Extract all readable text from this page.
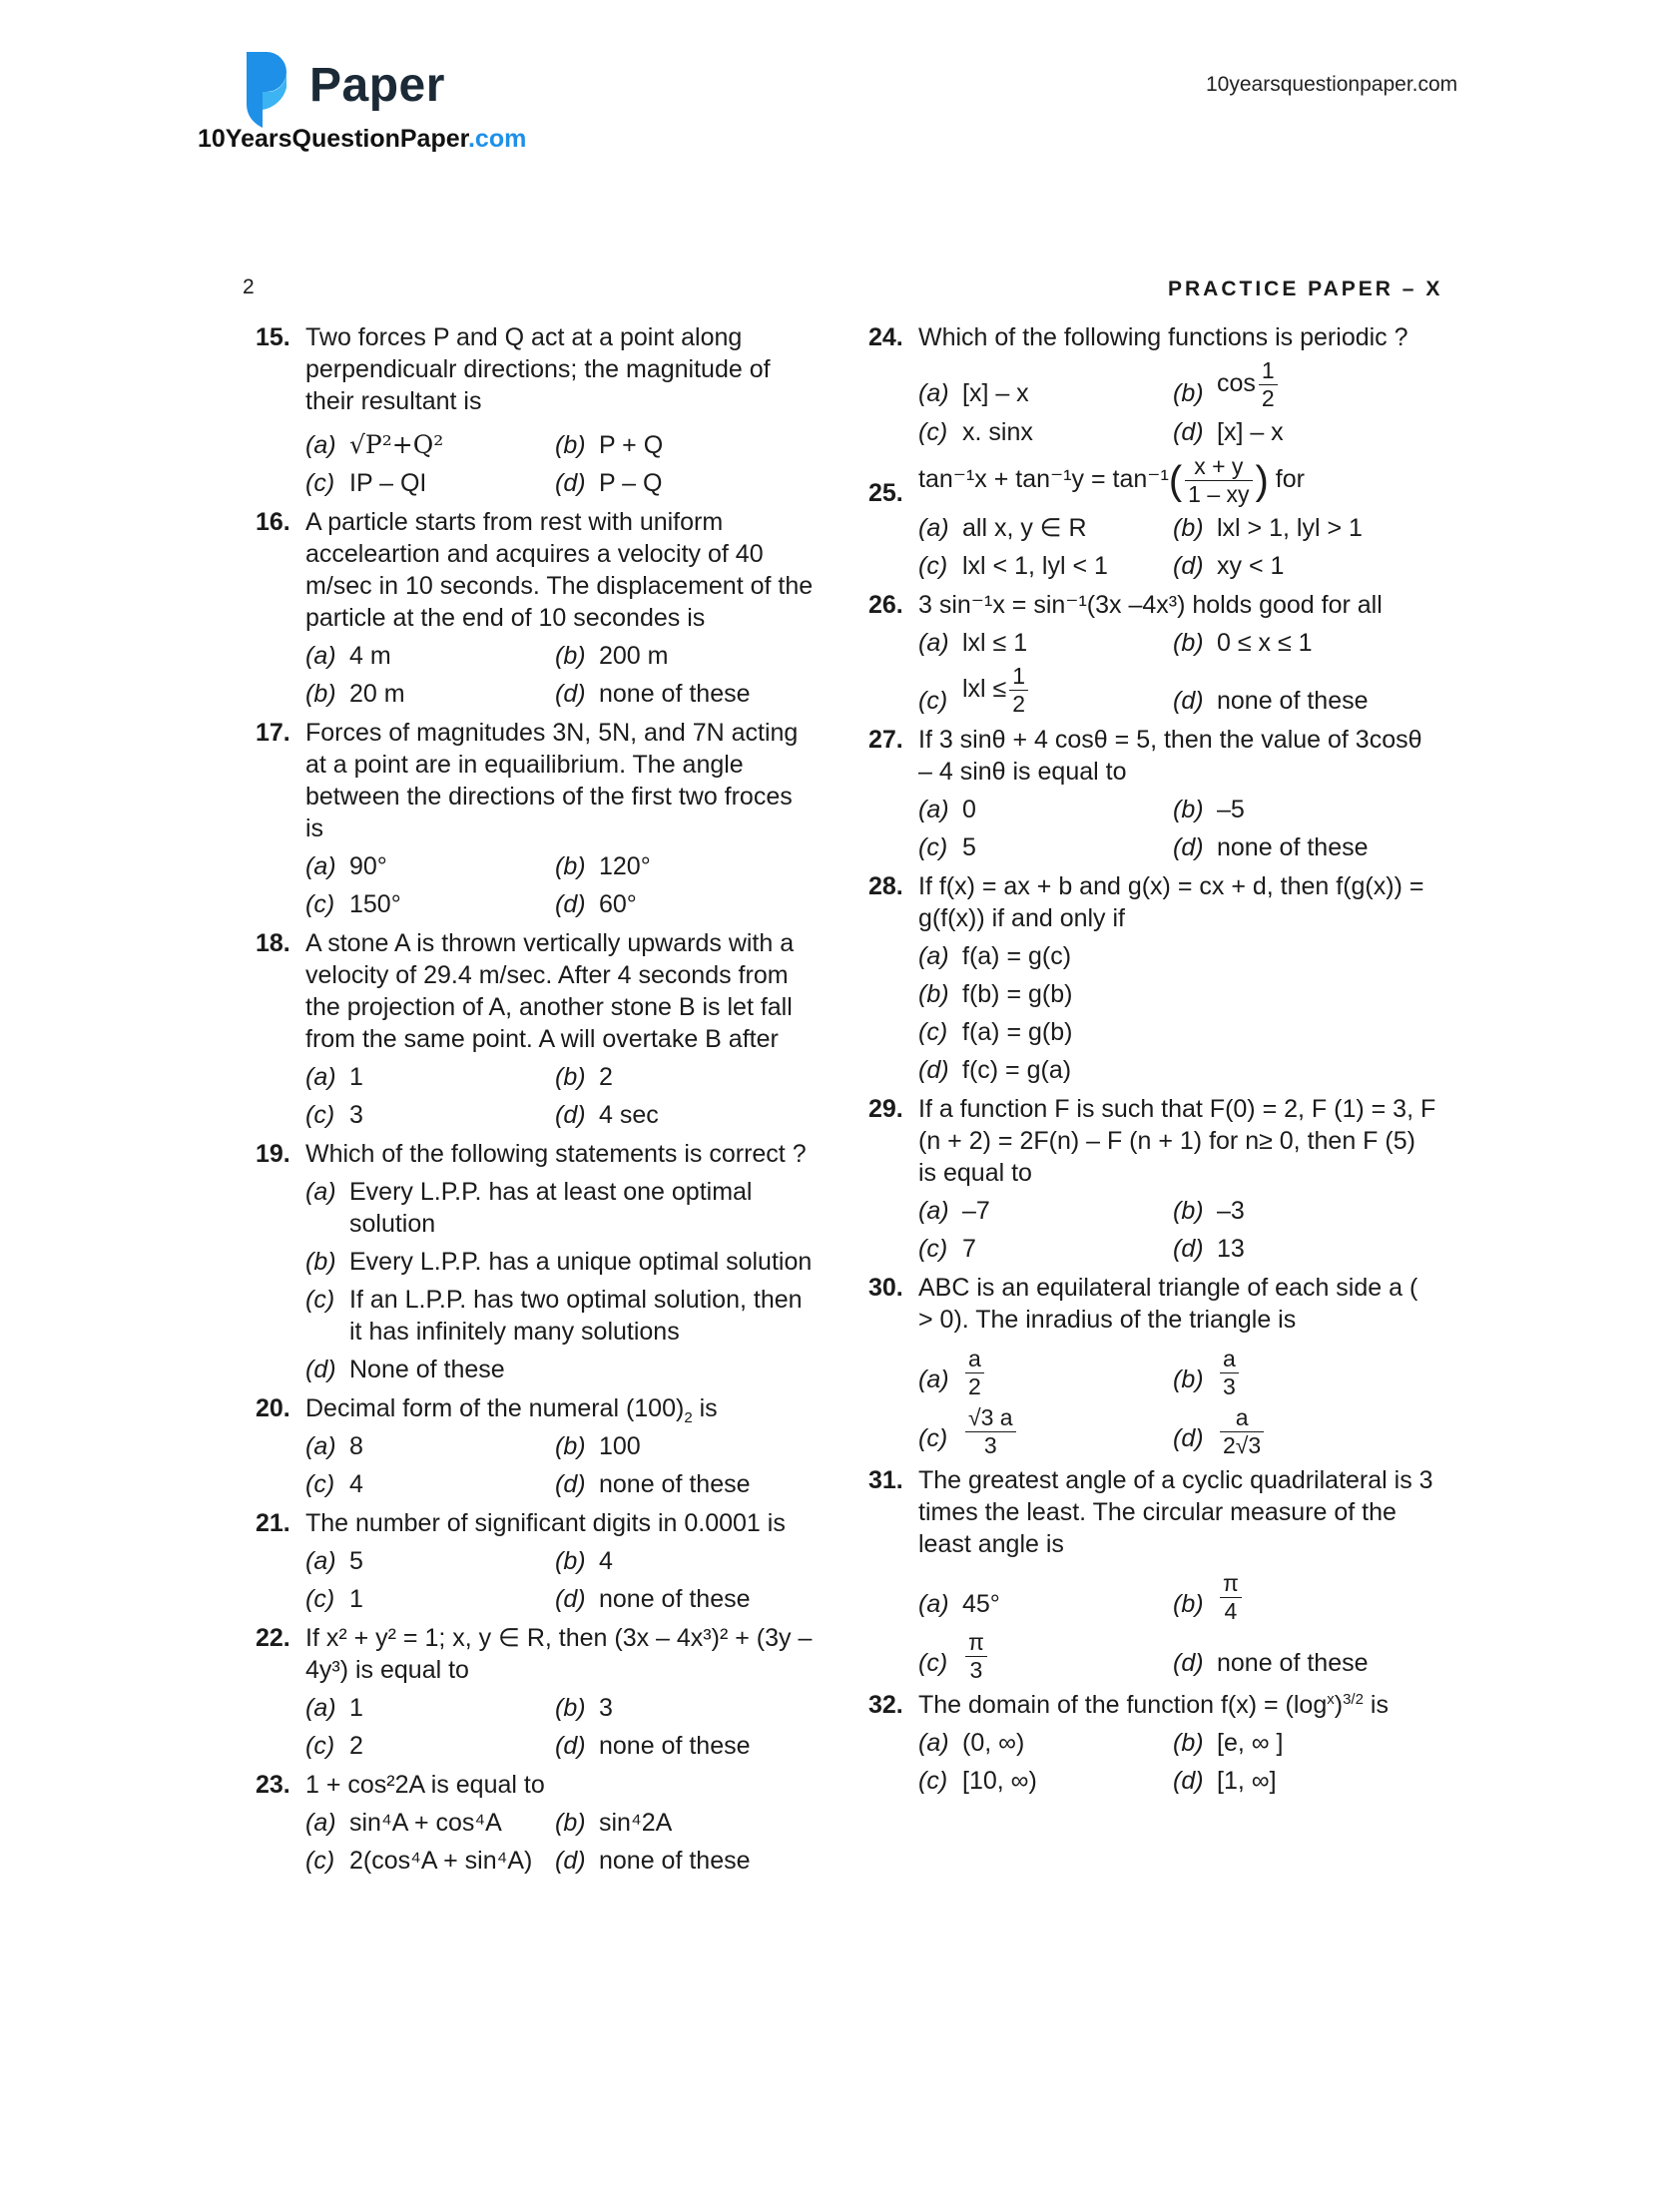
Paper
10YearsQuestionPaper.com
10yearsquestionpaper.com
2	PRACTICE PAPER – X
15. Two forces P and Q act at a point along perpendicualr directions; the magnitude of their resultant is
(a) √P²+Q²	(b) P + Q
(c) IP – QI	(d) P – Q
16. A particle starts from rest with uniform acceleartion and acquires a velocity of 40 m/sec in 10 seconds. The displacement of the particle at the end of 10 secondes is
(a) 4 m	(b) 200 m
(b) 20 m	(d) none of these
17. Forces of magnitudes 3N, 5N, and 7N acting at a point are in equailibrium. The angle between the directions of the first two froces is
(a) 90°	(b) 120°
(c) 150°	(d) 60°
18. A stone A is thrown vertically upwards with a velocity of 29.4 m/sec. After 4 seconds from the projection of A, another stone B is let fall from the same point. A will overtake B after
(a) 1	(b) 2
(c) 3	(d) 4 sec
19. Which of the following statements is correct ?
(a) Every L.P.P. has at least one optimal solution
(b) Every L.P.P. has a unique optimal solution
(c) If an L.P.P. has two optimal solution, then it has infinitely many solutions
(d) None of these
20. Decimal form of the numeral $(100)_2$ is
(a) 8	(b) 100
(c) 4	(d) none of these
21. The number of significant digits in 0.0001 is
(a) 5	(b) 4
(c) 1	(d) none of these
22. If x² + y² = 1; x, y ∈ R, then (3x – 4x³)² + (3y – 4y³) is equal to
(a) 1	(b) 3
(c) 2	(d) none of these
23. 1 + cos²2A is equal to
(a) sin⁴A + cos⁴A	(b) sin⁴2A
(c) 2(cos⁴A + sin⁴A) (d) none of these
24. Which of the following functions is periodic ?
(a) [x] – x	(b) $\cos \frac{1}{2}$
(c) x. sinx	(d) [x] – x
25. $\tan^{-1}x + \tan^{-1}y = \tan^{-1}( \frac{x + y}{1 - xy}$ ) for
(a) all x, y ∈ R	(b) lxl > 1, lyl > 1
(c) lxl < 1, lyl < 1	(d) xy < 1
26. 3 sin⁻¹x = sin⁻¹(3x –4x³) holds good for all
(a) lxl ≤ 1	(b) 0 ≤ x ≤ 1
(c) lxl ≤ $\frac{1}{2}$	(d) none of these
27. If 3 sinθ + 4 cosθ = 5, then the value of 3cosθ – 4 sinθ is equal to
(a) 0	(b) –5
(c) 5	(d) none of these
28. If f(x) = ax + b and g(x) = cx + d, then f(g(x)) = g(f(x)) if and only if
(a) f(a) = g(c)
(b) f(b) = g(b)
(c) f(a) = g(b)
(d) f(c) = g(a)
29. If a function F is such that F(0) = 2, F (1) = 3, F (n + 2) = 2F(n) – F (n + 1) for n≥ 0, then F (5) is equal to
(a) –7	(b) –3
(c) 7	(d) 13
30. ABC is an equilateral triangle of each side a ( > 0). The inradius of the triangle is
$(a) \frac{a}{2}$	$(b) \frac{a}{3}$
$(c) \frac{√3 a}{3}$	$(d) \frac{a}{2√3}$
31. The greatest angle of a cyclic quadrilateral is 3 times the least. The circular measure of the least angle is
(a) 45°	$(b) \frac{\pi}{4}$
$(c) \frac{\pi}{3}$	(d) none of these
32. The domain of the function $f(x) = (\log^x)^{3/2}$ is
(a) (0, ∞)	(b) [e, ∞ ]
(c) [10, ∞)	(d) [1, ∞]
